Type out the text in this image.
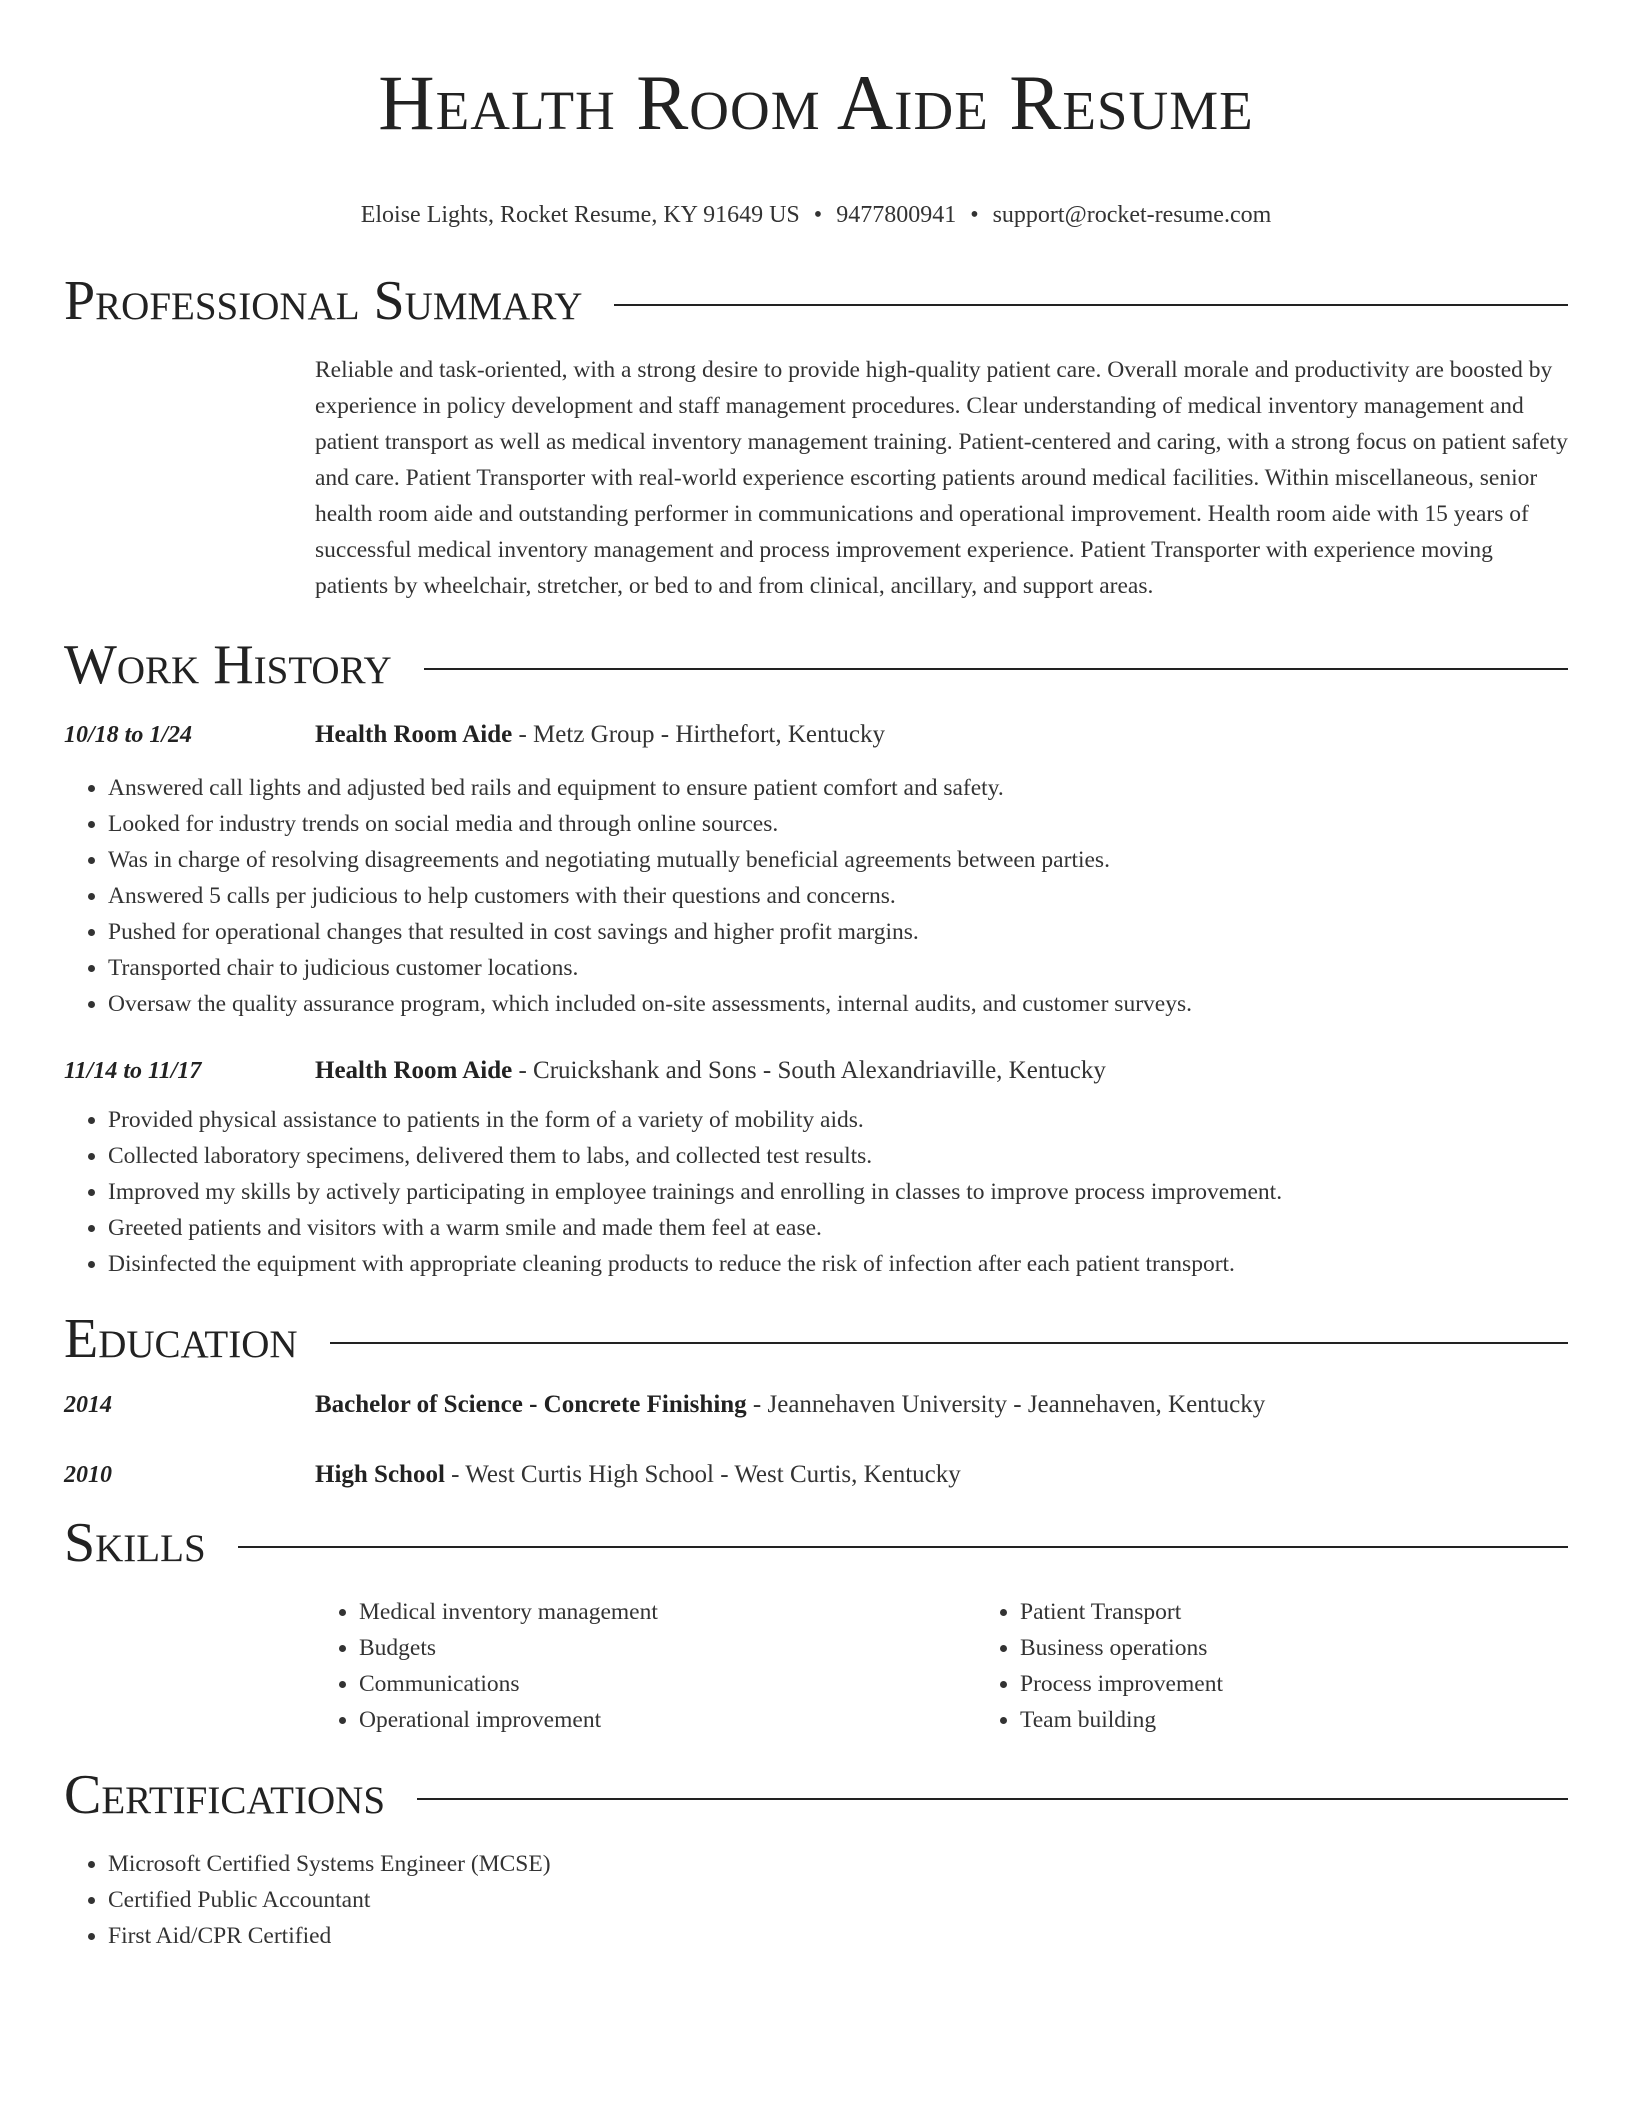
Health Room Aide Resume
Eloise Lights, Rocket Resume, KY 91649 US • 9477800941 • support@rocket-resume.com
Professional Summary
Reliable and task-oriented, with a strong desire to provide high-quality patient care. Overall morale and productivity are boosted by experience in policy development and staff management procedures. Clear understanding of medical inventory management and patient transport as well as medical inventory management training. Patient-centered and caring, with a strong focus on patient safety and care. Patient Transporter with real-world experience escorting patients around medical facilities. Within miscellaneous, senior health room aide and outstanding performer in communications and operational improvement. Health room aide with 15 years of successful medical inventory management and process improvement experience. Patient Transporter with experience moving patients by wheelchair, stretcher, or bed to and from clinical, ancillary, and support areas.
Work History
10/18 to 1/24	Health Room Aide - Metz Group - Hirthefort, Kentucky
• Answered call lights and adjusted bed rails and equipment to ensure patient comfort and safety.
• Looked for industry trends on social media and through online sources.
• Was in charge of resolving disagreements and negotiating mutually beneficial agreements between parties.
• Answered 5 calls per judicious to help customers with their questions and concerns.
• Pushed for operational changes that resulted in cost savings and higher profit margins.
• Transported chair to judicious customer locations.
• Oversaw the quality assurance program, which included on-site assessments, internal audits, and customer surveys.
11/14 to 11/17	Health Room Aide - Cruickshank and Sons - South Alexandriaville, Kentucky
• Provided physical assistance to patients in the form of a variety of mobility aids.
• Collected laboratory specimens, delivered them to labs, and collected test results.
• Improved my skills by actively participating in employee trainings and enrolling in classes to improve process improvement.
• Greeted patients and visitors with a warm smile and made them feel at ease.
• Disinfected the equipment with appropriate cleaning products to reduce the risk of infection after each patient transport.
Education
2014	Bachelor of Science - Concrete Finishing - Jeannehaven University - Jeannehaven, Kentucky
2010	High School - West Curtis High School - West Curtis, Kentucky
Skills
• Medical inventory management
• Budgets
• Communications
• Operational improvement
• Patient Transport
• Business operations
• Process improvement
• Team building
Certifications
• Microsoft Certified Systems Engineer (MCSE)
• Certified Public Accountant
• First Aid/CPR Certified
